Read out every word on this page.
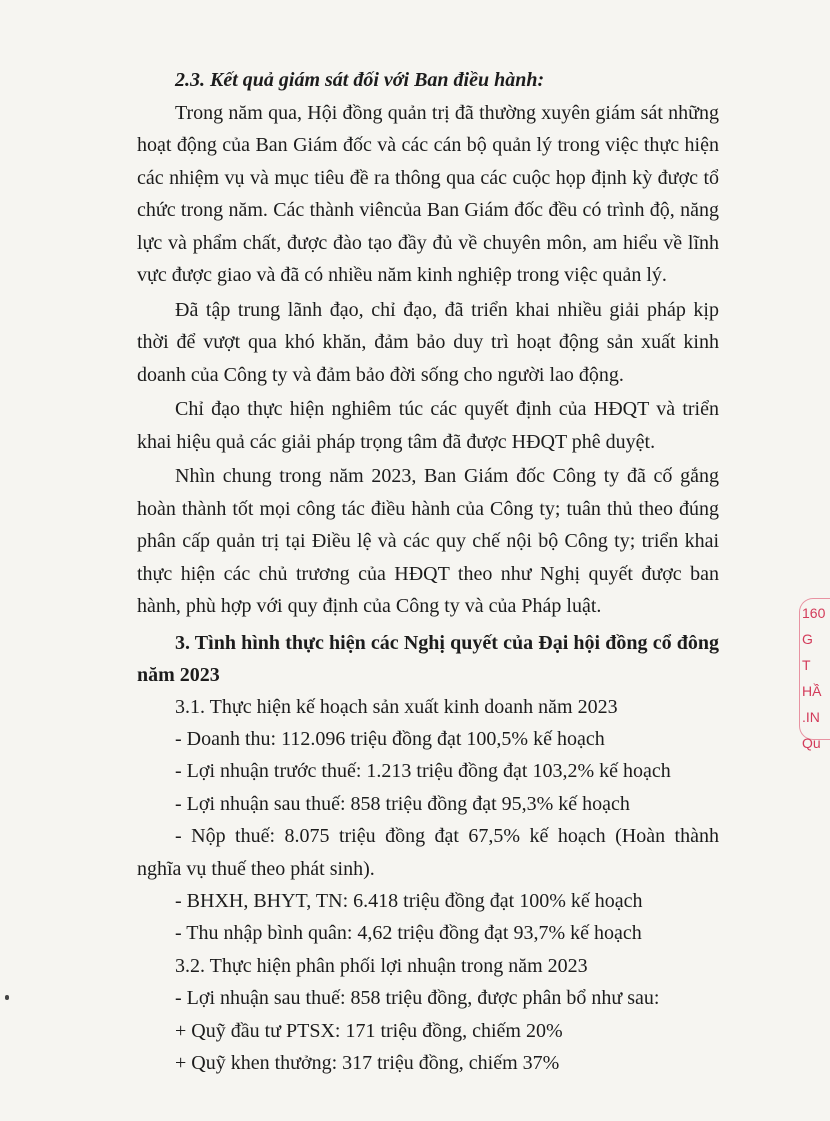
2.3. Kết quả giám sát đối với Ban điều hành:

Trong năm qua, Hội đồng quản trị đã thường xuyên giám sát những hoạt động của Ban Giám đốc và các cán bộ quản lý trong việc thực hiện các nhiệm vụ và mục tiêu đề ra thông qua các cuộc họp định kỳ được tổ chức trong năm. Các thành viêncủa Ban Giám đốc đều có trình độ, năng lực và phẩm chất, được đào tạo đầy đủ về chuyên môn, am hiểu về lĩnh vực được giao và đã có nhiều năm kinh nghiệp trong việc quản lý.

Đã tập trung lãnh đạo, chỉ đạo, đã triển khai nhiều giải pháp kịp thời để vượt qua khó khăn, đảm bảo duy trì hoạt động sản xuất kinh doanh của Công ty và đảm bảo đời sống cho người lao động.

Chỉ đạo thực hiện nghiêm túc các quyết định của HĐQT và triển khai hiệu quả các giải pháp trọng tâm đã được HĐQT phê duyệt.

Nhìn chung trong năm 2023, Ban Giám đốc Công ty đã cố gắng hoàn thành tốt mọi công tác điều hành của Công ty; tuân thủ theo đúng phân cấp quản trị tại Điều lệ và các quy chế nội bộ Công ty; triển khai thực hiện các chủ trương của HĐQT theo như Nghị quyết được ban hành, phù hợp với quy định của Công ty và của Pháp luật.

3. Tình hình thực hiện các Nghị quyết của Đại hội đồng cổ đông năm 2023

3.1. Thực hiện kế hoạch sản xuất kinh doanh năm 2023

- Doanh thu: 112.096 triệu đồng đạt 100,5% kế hoạch

- Lợi nhuận trước thuế: 1.213 triệu đồng đạt 103,2% kế hoạch

- Lợi nhuận sau thuế: 858 triệu đồng đạt 95,3% kế hoạch

- Nộp thuế: 8.075 triệu đồng đạt 67,5% kế hoạch (Hoàn thành nghĩa vụ thuế theo phát sinh).

- BHXH, BHYT, TN: 6.418 triệu đồng đạt 100% kế hoạch

- Thu nhập bình quân: 4,62 triệu đồng đạt 93,7% kế hoạch

3.2. Thực hiện phân phối lợi nhuận trong năm 2023

- Lợi nhuận sau thuế: 858 triệu đồng, được phân bổ như sau:

+ Quỹ đầu tư PTSX: 171 triệu đồng, chiếm 20%

+ Quỹ khen thưởng: 317 triệu đồng, chiếm 37%

160
G T
HẦ
.IN
Qu
